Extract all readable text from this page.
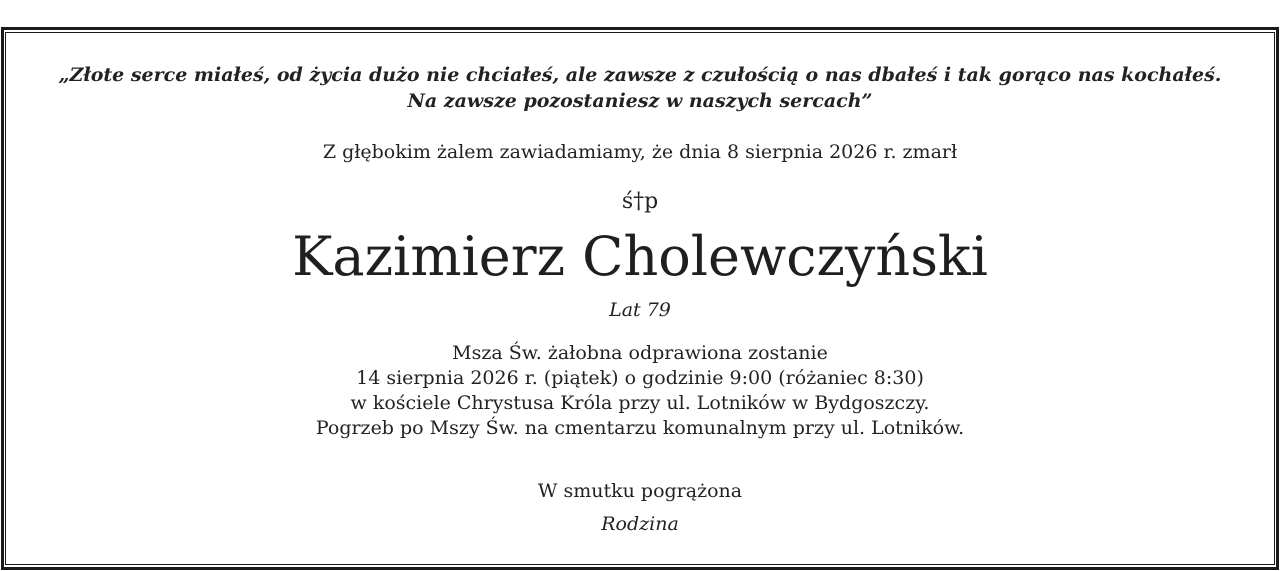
„Złote serce miałeś, od życia dużo nie chciałeś, ale zawsze z czułością o nas dbałeś i tak gorąco nas kochałeś.
Na zawsze pozostaniesz w naszych sercach”
Z głębokim żalem zawiadamiamy, że dnia 8 sierpnia 2026 r. zmarł
ś†p
Kazimierz Cholewczyński
Lat 79
Msza Św. żałobna odprawiona zostanie
14 sierpnia 2026 r. (piątek) o godzinie 9:00 (różaniec 8:30)
w kościele Chrystusa Króla przy ul. Lotników w Bydgoszczy.
Pogrzeb po Mszy Św. na cmentarzu komunalnym przy ul. Lotników.
W smutku pogrążona
Rodzina
